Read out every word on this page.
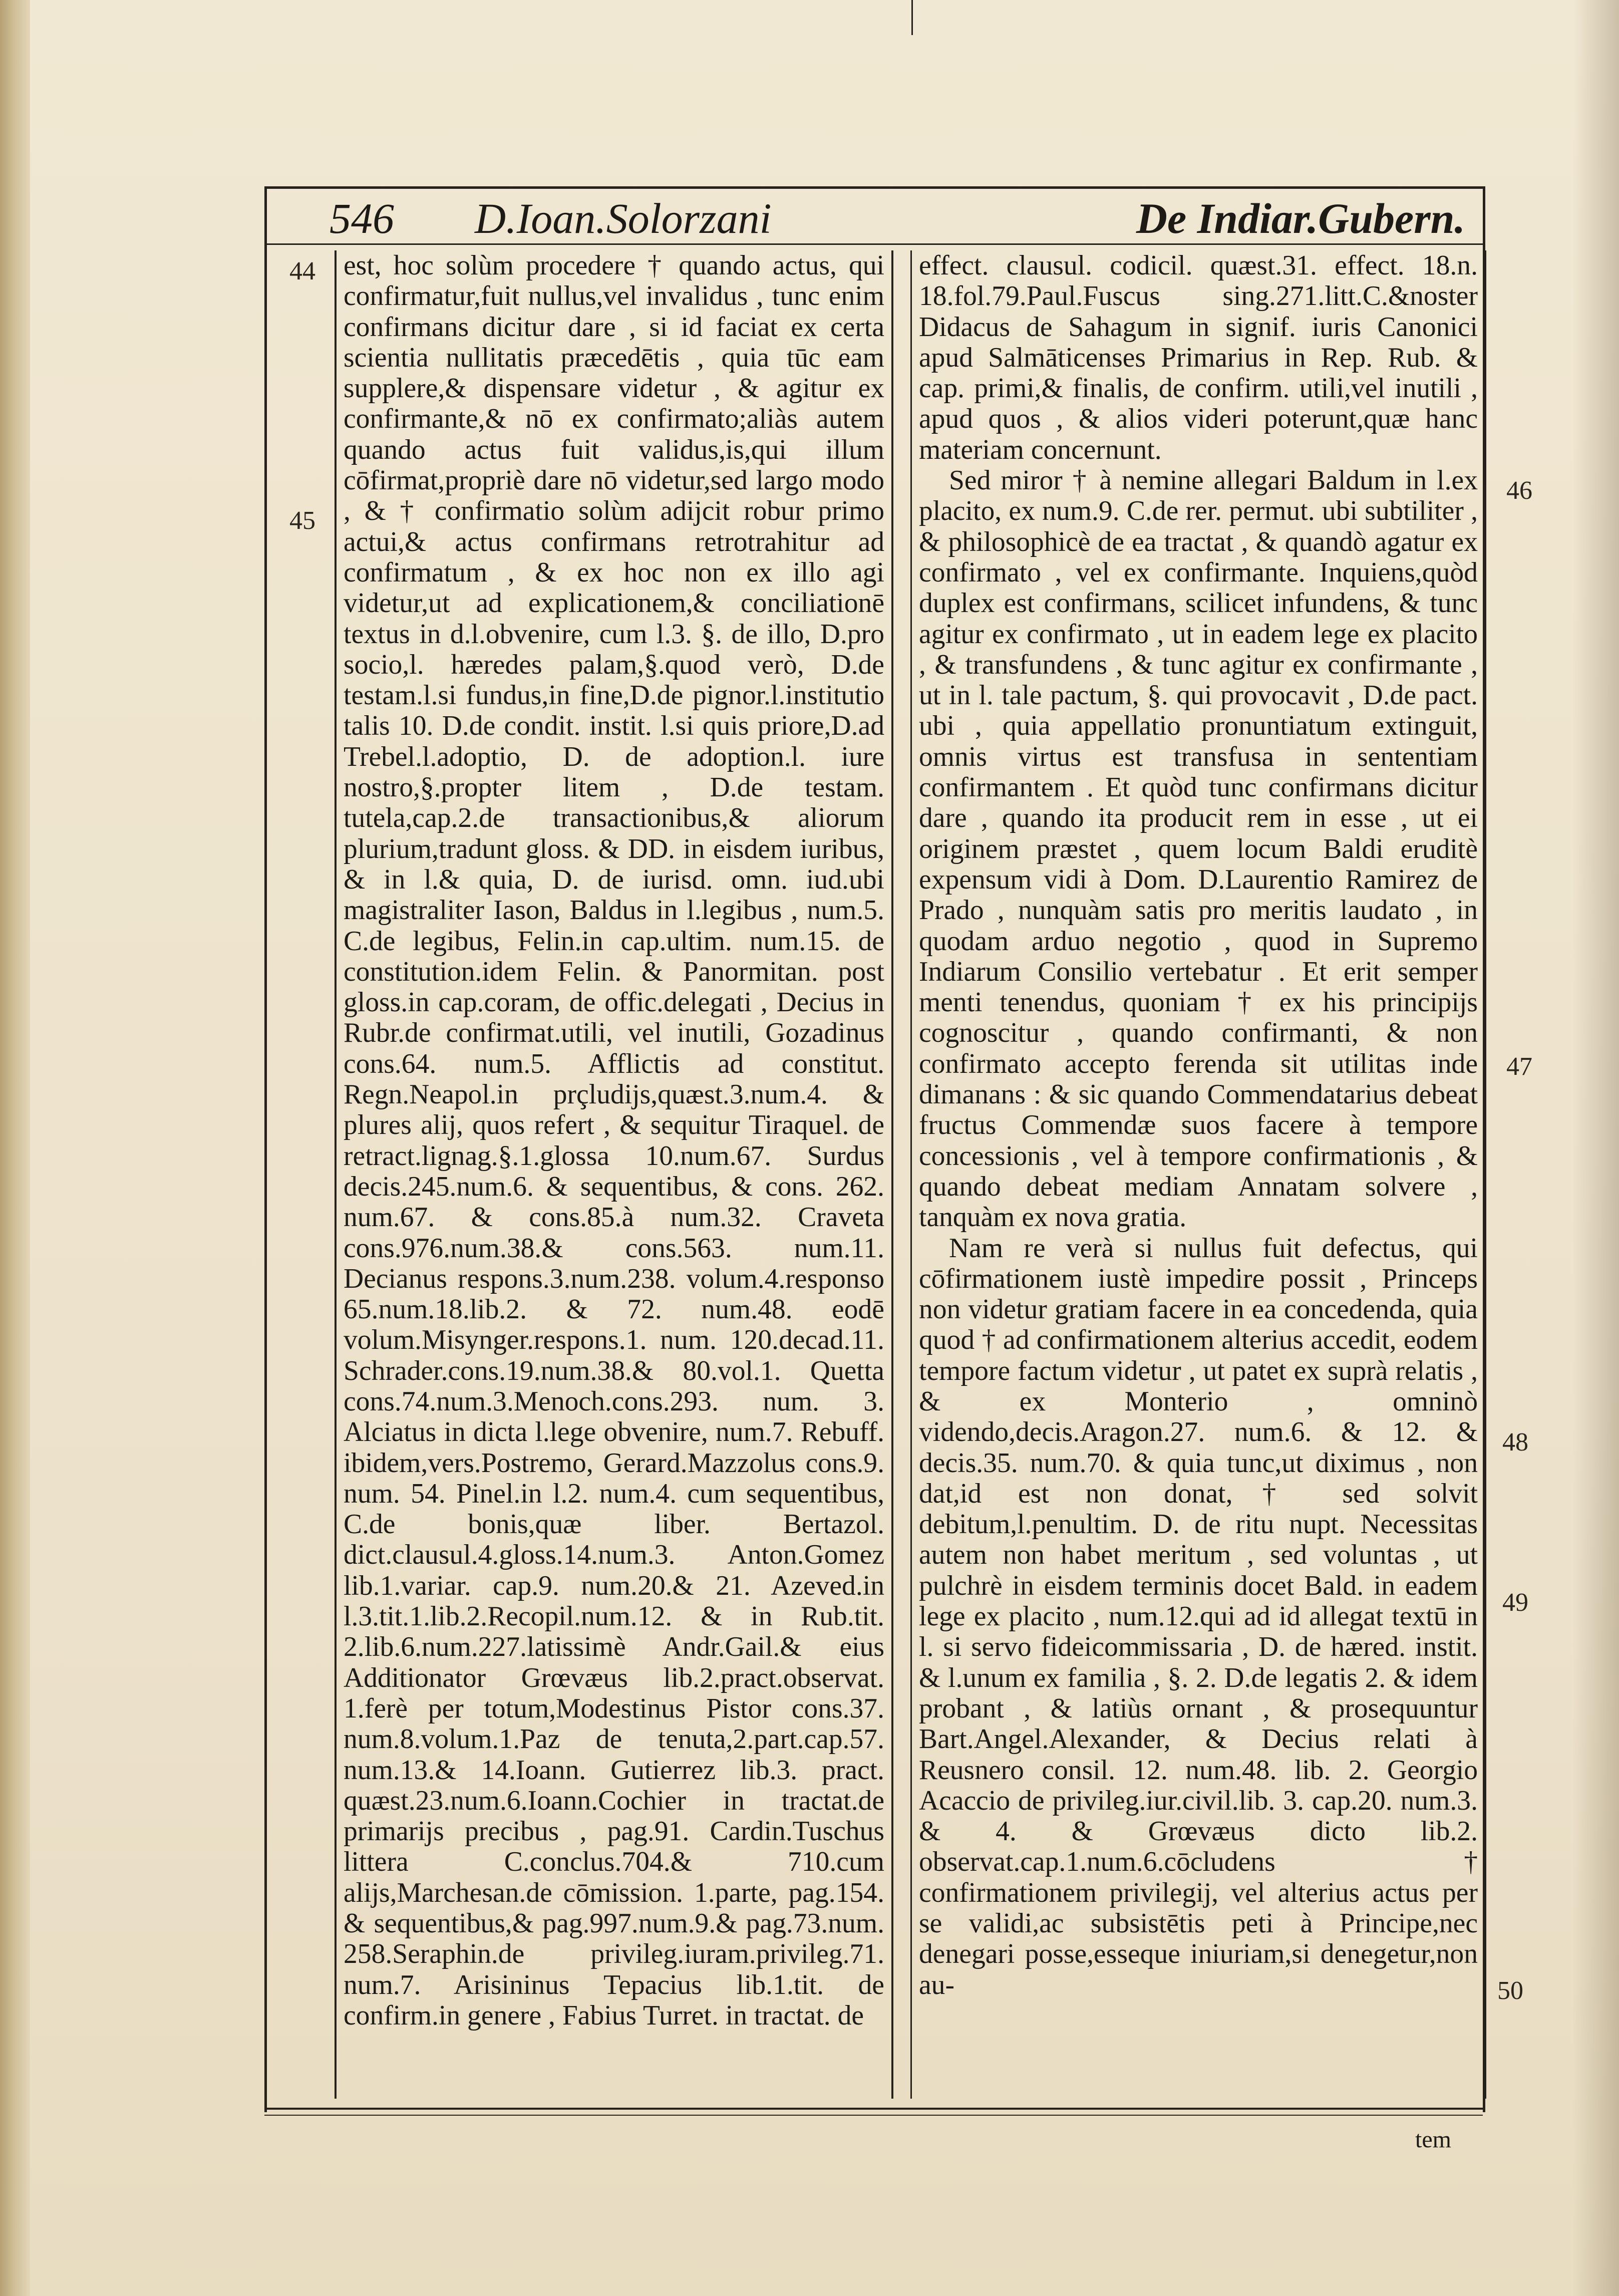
546 D.Ioan.Solorzani	De Indiar.Gubern.

est, hoc solùm procedere † quando actus, qui confirmatur,fuit nullus,vel invalidus , tunc enim confirmans dicitur dare , si id faciat ex certa scientia nullitatis præcedētis , quia tūc eam supplere,& dispensare videtur , & agitur ex confirmante,& nō ex confirmato;aliàs autem quando actus fuit validus,is,qui illum cōfirmat,propriè dare nō videtur,sed largo modo , & † confirmatio solùm adijcit robur primo actui,& actus confirmans retrotrahitur ad confirmatum , & ex hoc non ex illo agi videtur,ut ad explicationem,& conciliationē textus in d.l.obvenire, cum l.3. §. de illo, D.pro socio,l. hæredes palam,§.quod verò, D.de testam.l.si fundus,in fine,D.de pignor.l.institutio talis 10. D.de condit. instit. l.si quis priore,D.ad Trebel.l.adoptio, D. de adoption.l. iure nostro,§.propter litem , D.de testam. tutela,cap.2.de transactionibus,& aliorum plurium,tradunt gloss. & DD. in eisdem iuribus, & in l.& quia, D. de iurisd. omn. iud.ubi magistraliter Iason, Baldus in l.legibus , num.5. C.de legibus, Felin.in cap.ultim. num.15. de constitution.idem Felin. & Panormitan. post gloss.in cap.coram, de offic.delegati , Decius in Rubr.de confirmat.utili, vel inutili, Gozadinus cons.64. num.5. Afflictis ad constitut. Regn.Neapol.in prçludijs,quæst.3.num.4. & plures alij, quos refert , & sequitur Tiraquel. de retract.lignag.§.1.glossa 10.num.67. Surdus decis.245.num.6. & sequentibus, & cons. 262. num.67. & cons.85.à num.32. Craveta cons.976.num.38.& cons.563. num.11. Decianus respons.3.num.238. volum.4.responso 65.num.18.lib.2. & 72. num.48. eodē volum.Misynger.respons.1. num. 120.decad.11. Schrader.cons.19.num.38.& 80.vol.1. Quetta cons.74.num.3.Menoch.cons.293. num. 3. Alciatus in dicta l.lege obvenire, num.7. Rebuff. ibidem,vers.Postremo, Gerard.Mazzolus cons.9. num. 54. Pinel.in l.2. num.4. cum sequentibus, C.de bonis,quæ liber. Bertazol. dict.clausul.4.gloss.14.num.3. Anton.Gomez lib.1.variar. cap.9. num.20.& 21. Azeved.in l.3.tit.1.lib.2.Recopil.num.12. & in Rub.tit. 2.lib.6.num.227.latissimè Andr.Gail.& eius Additionator Grœvæus lib.2.pract.observat. 1.ferè per totum,Modestinus Pistor cons.37. num.8.volum.1.Paz de tenuta,2.part.cap.57. num.13.& 14.Ioann. Gutierrez lib.3. pract. quæst.23.num.6.Ioann.Cochier in tractat.de primarijs precibus , pag.91. Cardin.Tuschus littera C.conclus.704.& 710.cum alijs,Marchesan.de cōmission. 1.parte, pag.154. & sequentibus,& pag.997.num.9.& pag.73.num. 258.Seraphin.de privileg.iuram.privileg.71. num.7. Arisininus Tepacius lib.1.tit. de confirm.in genere , Fabius Turret. in tractat. de

effect. clausul. codicil. quæst.31. effect. 18.n. 18.fol.79.Paul.Fuscus sing.271.litt.C.&noster Didacus de Sahagum in signif. iuris Canonici apud Salmāticenses Primarius in Rep. Rub. & cap. primi,& finalis, de confirm. utili,vel inutili , apud quos , & alios videri poterunt,quæ hanc materiam concernunt.

Sed miror † à nemine allegari Baldum in l.ex placito, ex num.9. C.de rer. permut. ubi subtiliter , & philosophicè de ea tractat , & quandò agatur ex confirmato , vel ex confirmante. Inquiens,quòd duplex est confirmans, scilicet infundens, & tunc agitur ex confirmato , ut in eadem lege ex placito , & transfundens , & tunc agitur ex confirmante , ut in l. tale pactum, §. qui provocavit , D.de pact. ubi , quia appellatio pronuntiatum extinguit, omnis virtus est transfusa in sententiam confirmantem . Et quòd tunc confirmans dicitur dare , quando ita producit rem in esse , ut ei originem præstet , quem locum Baldi eruditè expensum vidi à Dom. D.Laurentio Ramirez de Prado , nunquàm satis pro meritis laudato , in quodam arduo negotio , quod in Supremo Indiarum Consilio vertebatur . Et erit semper menti tenendus, quoniam † ex his principijs cognoscitur , quando confirmanti, & non confirmato accepto ferenda sit utilitas inde dimanans : & sic quando Commendatarius debeat fructus Commendæ suos facere à tempore concessionis , vel à tempore confirmationis , & quando debeat mediam Annatam solvere , tanquàm ex nova gratia.

Nam re verà si nullus fuit defectus, qui cōfirmationem iustè impedire possit , Princeps non videtur gratiam facere in ea concedenda, quia quod † ad confirmationem alterius accedit, eodem tempore factum videtur , ut patet ex suprà relatis , & ex Monterio , omninò videndo,decis.Aragon.27. num.6. & 12. & decis.35. num.70. & quia tunc,ut diximus , non dat,id est non donat,† sed solvit debitum,l.penultim. D. de ritu nupt. Necessitas autem non habet meritum , sed voluntas , ut pulchrè in eisdem terminis docet Bald. in eadem lege ex placito , num.12.qui ad id allegat textū in l. si servo fideicommissaria , D. de hæred. instit. & l.unum ex familia , §. 2. D.de legatis 2. & idem probant , & latiùs ornant , & prosequuntur Bart.Angel.Alexander, & Decius relati à Reusnero consil. 12. num.48. lib. 2. Georgio Acaccio de privileg.iur.civil.lib. 3. cap.20. num.3. & 4. & Grœvæus dicto lib.2. observat.cap.1.num.6.cōcludens † confirmationem privilegij, vel alterius actus per se validi,ac subsistētis peti à Principe,nec denegari posse,esseque iniuriam,si denegetur,non au-

44
45
46
47
48
49
50
tem
